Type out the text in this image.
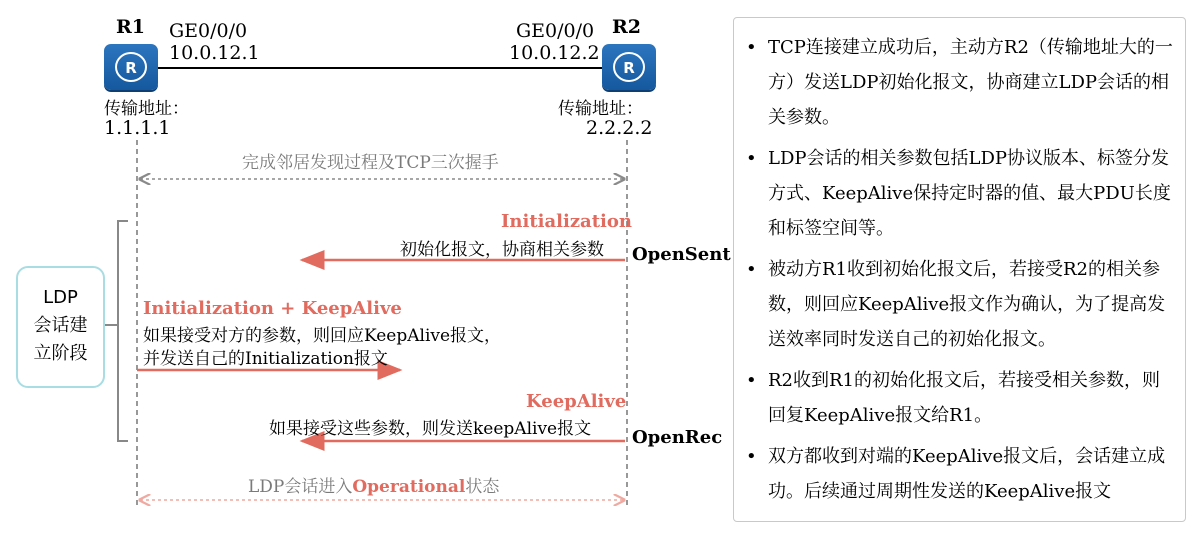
R1
R
GE0/0/0
10.0.12.1
传输地址：
1.1.1.1
R2
R
GE0/0/0
10.0.12.2
传输地址：
2.2.2.2
完成邻居发现过程及TCP三次握手
LDP
会话建
立阶段
Initialization
初始化报文，协商相关参数 OpenSent
Initialization + KeepAlive
如果接受对方的参数，则回应KeepAlive报文，
并发送自己的Initialization报文
KeepAlive
如果接受这些参数，则发送keepAlive报文 OpenRec
LDP会话进入Operational状态
• TCP连接建立成功后，主动方R2（传输地址大的一方）发送LDP初始化报文，协商建立LDP会话的相关参数。
• LDP会话的相关参数包括LDP协议版本、标签分发方式、KeepAlive保持定时器的值、最大PDU长度和标签空间等。
• 被动方R1收到初始化报文后，若接受R2的相关参数，则回应KeepAlive报文作为确认，为了提高发送效率同时发送自己的初始化报文。
• R2收到R1的初始化报文后，若接受相关参数，则回复KeepAlive报文给R1。
• 双方都收到对端的KeepAlive报文后，会话建立成功。后续通过周期性发送的KeepAlive报文
